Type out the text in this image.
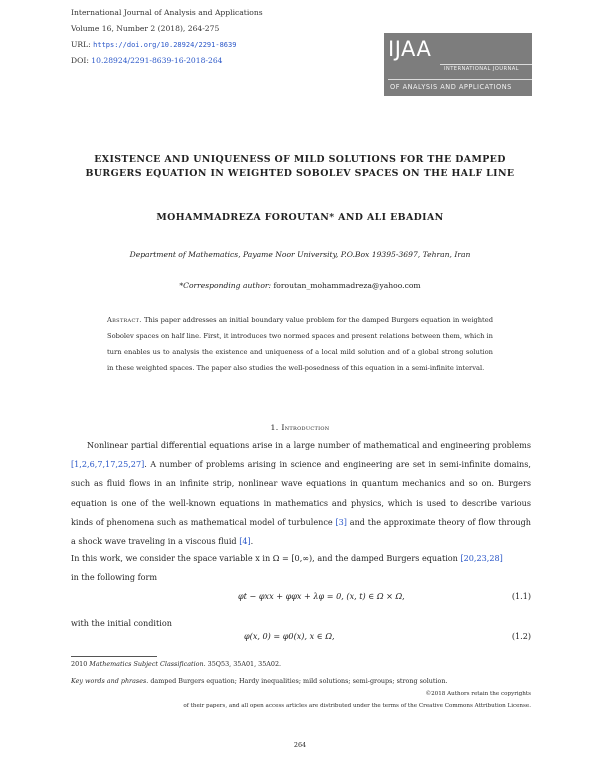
International Journal of Analysis and Applications
Volume 16, Number 2 (2018), 264-275
URL: https://doi.org/10.28924/2291-8639
DOI: 10.28924/2291-8639-16-2018-264	IJAA
INTERNATIONAL JOURNAL
OF ANALYSIS AND APPLICATIONS
EXISTENCE AND UNIQUENESS OF MILD SOLUTIONS FOR THE DAMPED
BURGERS EQUATION IN WEIGHTED SOBOLEV SPACES ON THE HALF LINE
MOHAMMADREZA FOROUTAN* AND ALI EBADIAN
Department of Mathematics, Payame Noor University, P.O.Box 19395-3697, Tehran, Iran
*Corresponding author: foroutan_mohammadreza@yahoo.com
Abstract. This paper addresses an initial boundary value problem for the damped Burgers equation in weighted Sobolev spaces on half line. First, it introduces two normed spaces and present relations between them, which in turn enables us to analysis the existence and uniqueness of a local mild solution and of a global strong solution in these weighted spaces. The paper also studies the well-posedness of this equation in a semi-infinite interval.
1. Introduction
Nonlinear partial differential equations arise in a large number of mathematical and engineering problems [1,2,6,7,17,25,27]. A number of problems arising in science and engineering are set in semi-infinite domains, such as fluid flows in an infinite strip, nonlinear wave equations in quantum mechanics and so on. Burgers equation is one of the well-known equations in mathematics and physics, which is used to describe various kinds of phenomena such as mathematical model of turbulence [3] and the approximate theory of flow through a shock wave traveling in a viscous fluid [4].
In this work, we consider the space variable x in Ω = [0,∞), and the damped Burgers equation [20,23,28]
in the following form
φt − φxx + φφx + λφ = 0, (x, t) ∈ Ω × Ω,	(1.1)
with the initial condition
φ(x, 0) = φ0(x), x ∈ Ω,	(1.2)
2010 Mathematics Subject Classification. 35Q53, 35A01, 35A02.
Key words and phrases. damped Burgers equation; Hardy inequalities; mild solutions; semi-groups; strong solution.
©2018 Authors retain the copyrights
of their papers, and all open access articles are distributed under the terms of the Creative Commons Attribution License.
264
